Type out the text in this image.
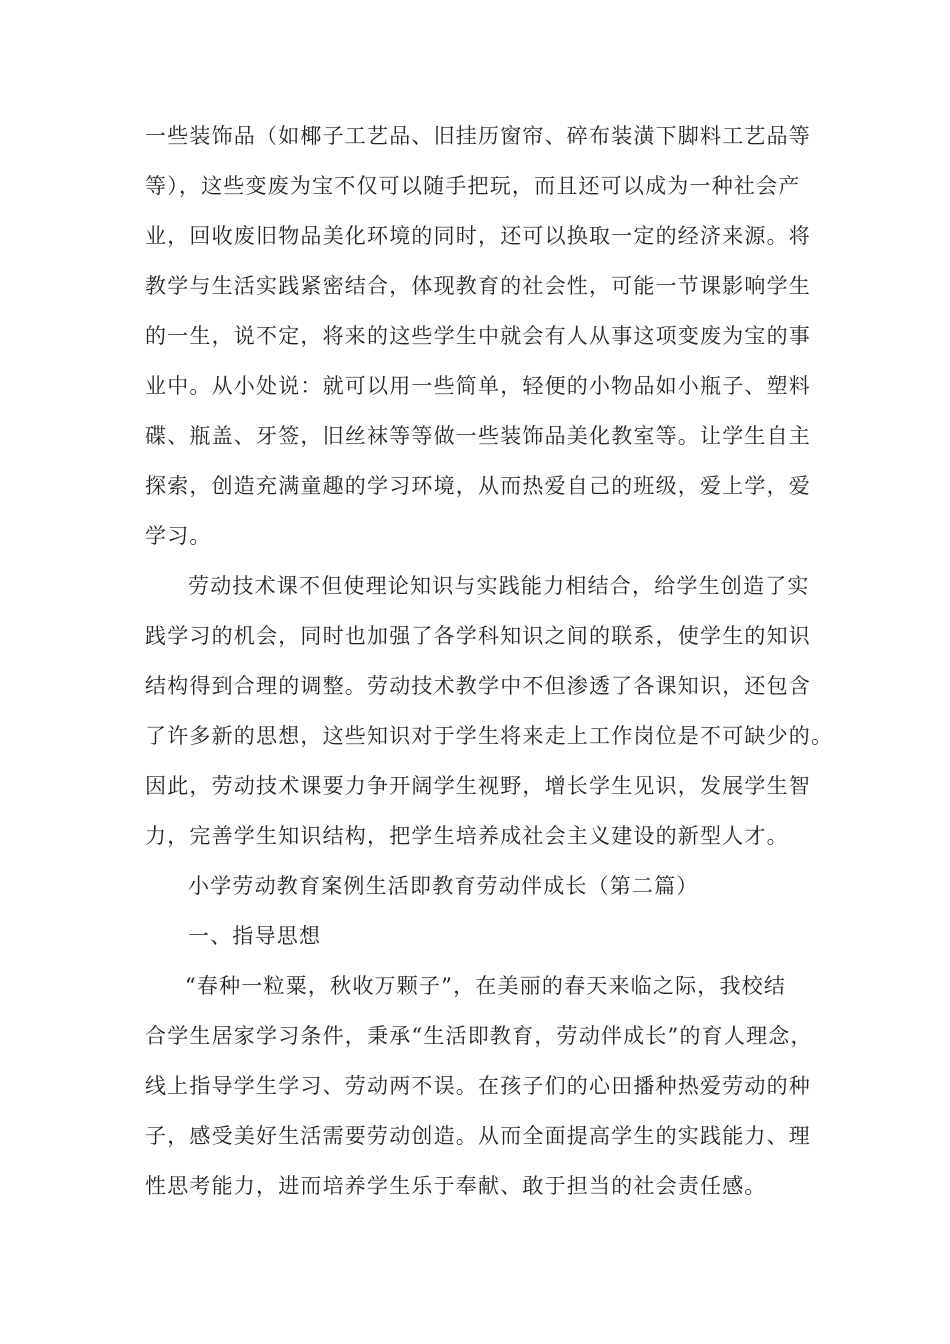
一些装饰品（如椰子工艺品、旧挂历窗帘、碎布装潢下脚料工艺品等
等），这些变废为宝不仅可以随手把玩，而且还可以成为一种社会产
业，回收废旧物品美化环境的同时，还可以换取一定的经济来源。将
教学与生活实践紧密结合，体现教育的社会性，可能一节课影响学生
的一生，说不定，将来的这些学生中就会有人从事这项变废为宝的事
业中。从小处说：就可以用一些简单，轻便的小物品如小瓶子、塑料
碟、瓶盖、牙签，旧丝袜等等做一些装饰品美化教室等。让学生自主
探索，创造充满童趣的学习环境，从而热爱自己的班级，爱上学，爱
学习。
劳动技术课不但使理论知识与实践能力相结合，给学生创造了实
践学习的机会，同时也加强了各学科知识之间的联系，使学生的知识
结构得到合理的调整。劳动技术教学中不但渗透了各课知识，还包含
了许多新的思想，这些知识对于学生将来走上工作岗位是不可缺少的。
因此，劳动技术课要力争开阔学生视野，增长学生见识，发展学生智
力，完善学生知识结构，把学生培养成社会主义建设的新型人才。
小学劳动教育案例生活即教育劳动伴成长（第二篇）
一、指导思想
“春种一粒粟，秋收万颗子”，在美丽的春天来临之际，我校结
合学生居家学习条件，秉承“生活即教育，劳动伴成长”的育人理念，
线上指导学生学习、劳动两不误。在孩子们的心田播种热爱劳动的种
子，感受美好生活需要劳动创造。从而全面提高学生的实践能力、理
性思考能力，进而培养学生乐于奉献、敢于担当的社会责任感。
